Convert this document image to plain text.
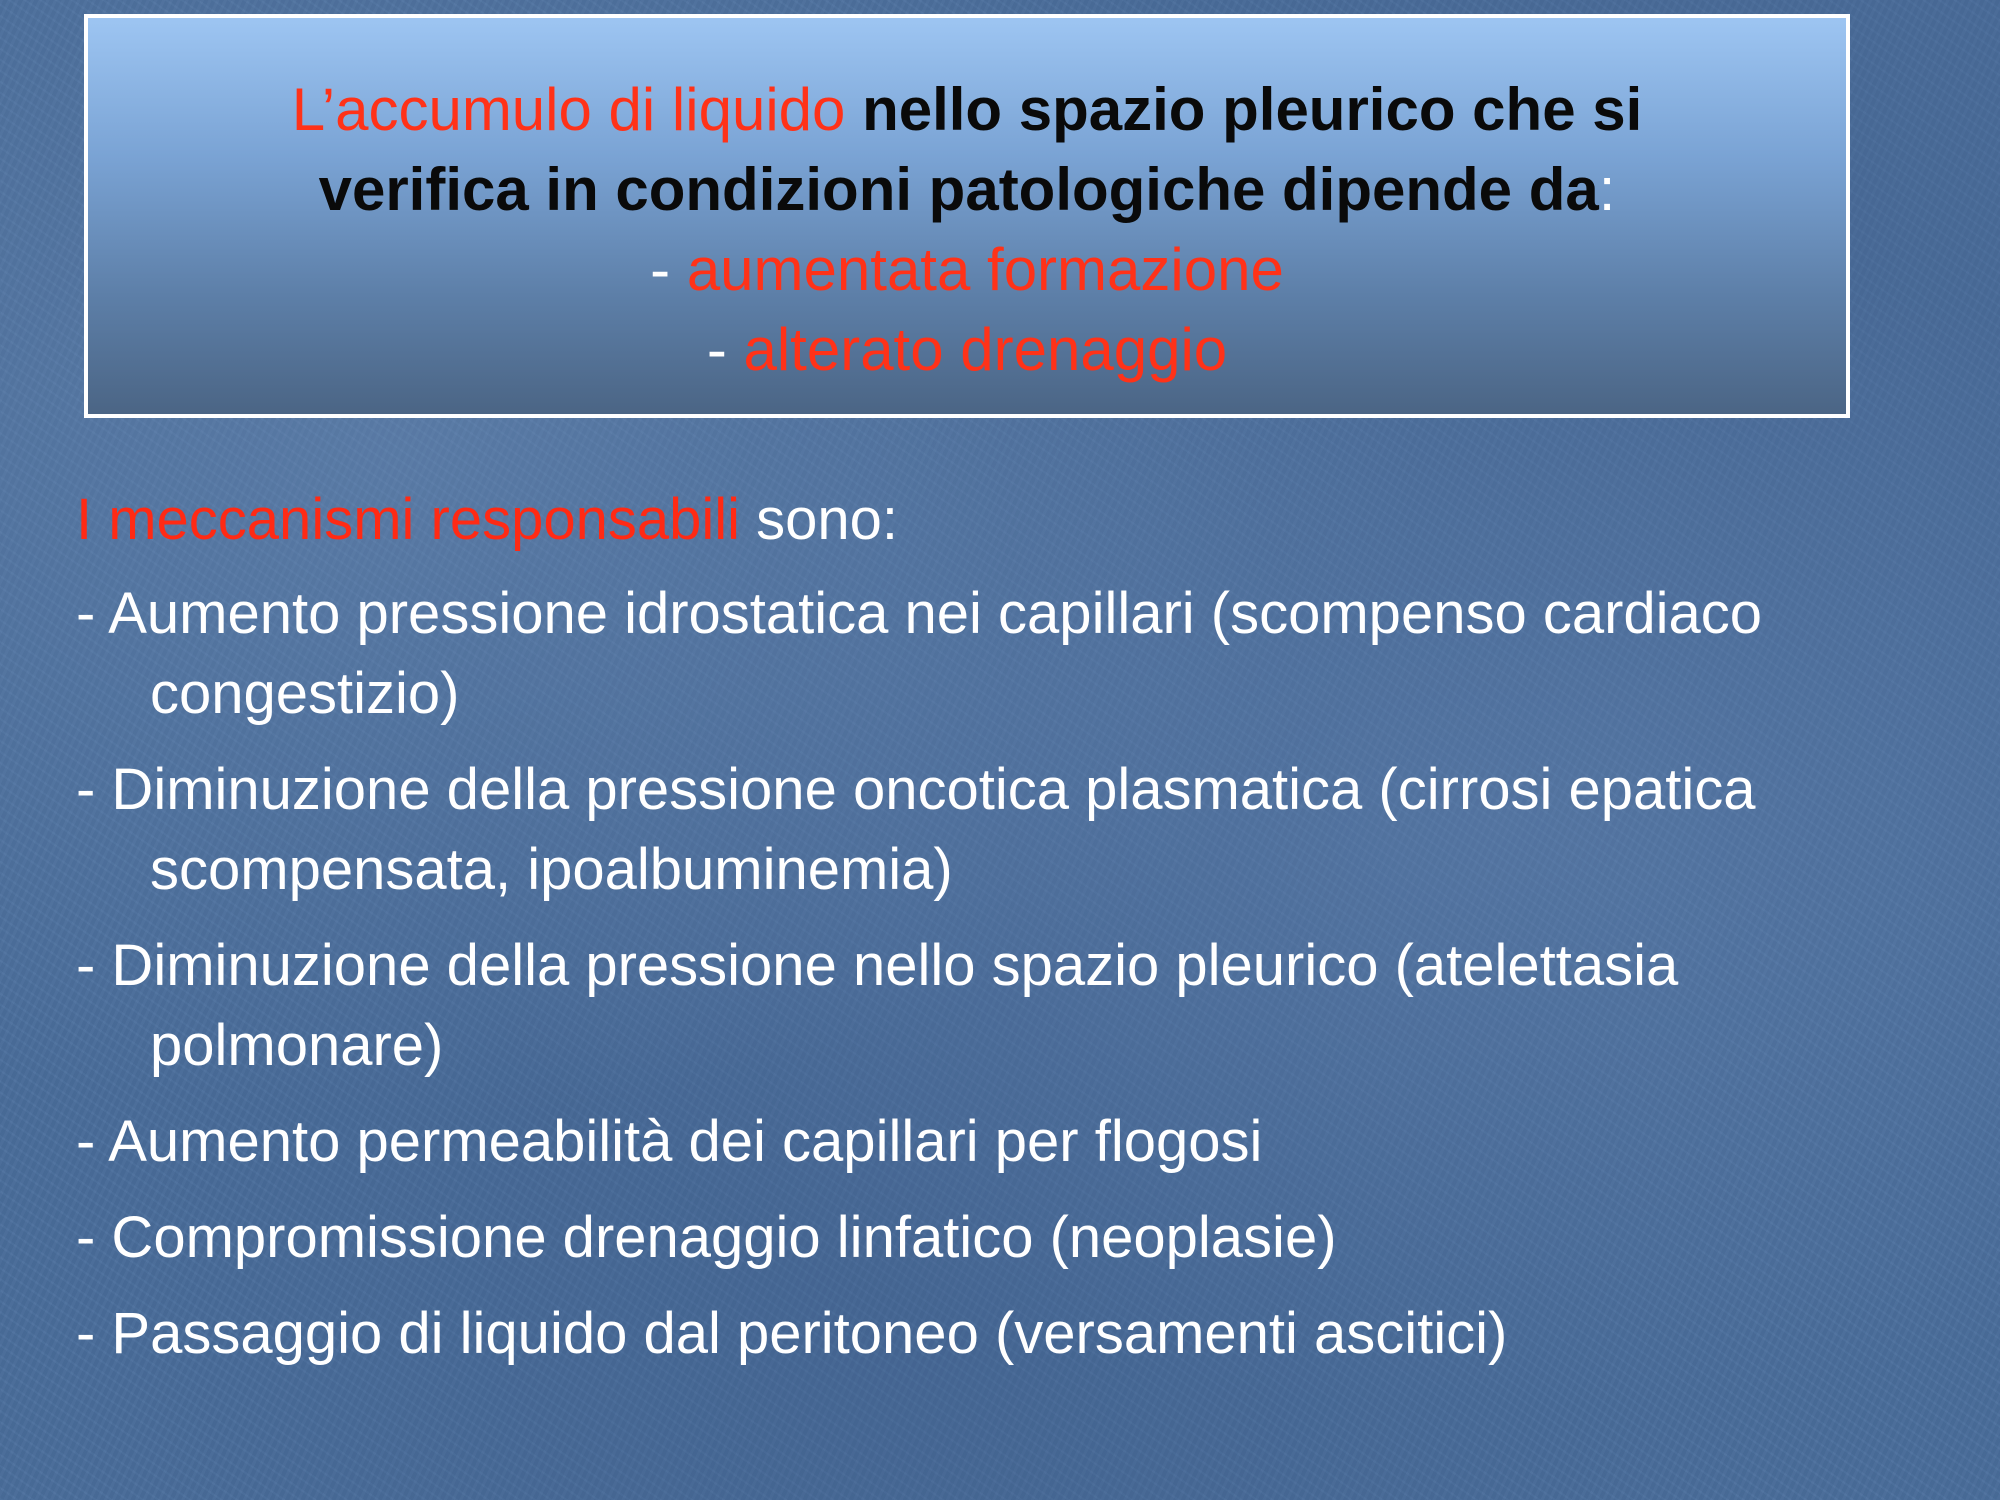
L’accumulo di liquido nello spazio pleurico che si
verifica in condizioni patologiche dipende da:
- aumentata formazione
- alterato drenaggio
I meccanismi responsabili sono:
- Aumento pressione idrostatica nei capillari (scompenso cardiaco congestizio)
- Diminuzione della pressione oncotica plasmatica (cirrosi epatica scompensata, ipoalbuminemia)
- Diminuzione della pressione nello spazio pleurico (atelettasia polmonare)
- Aumento permeabilità dei capillari per flogosi
- Compromissione drenaggio linfatico (neoplasie)
- Passaggio di liquido dal peritoneo (versamenti ascitici)
